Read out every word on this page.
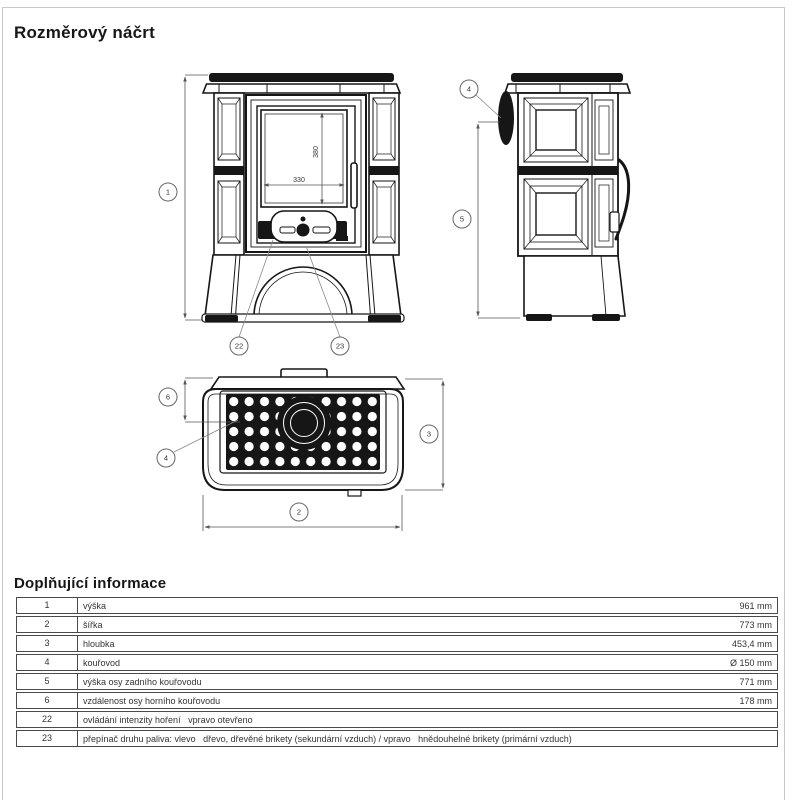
Rozměrový náčrt
330
380
1
22	23
5
4
6
4
3
2
Doplňující informace
1	výška	961 mm
2	šířka	773 mm
3	hloubka	453,4 mm
4	kouřovod	Ø 150 mm
5	výška osy zadního kouřovodu	771 mm
6	vzdálenost osy horního kouřovodu	178 mm
22	ovládání intenzity hoření   vpravo otevřeno
23	přepínač druhu paliva: vlevo   dřevo, dřevěné brikety (sekundární vzduch) / vpravo   hnědouhelné brikety (primární vzduch)
